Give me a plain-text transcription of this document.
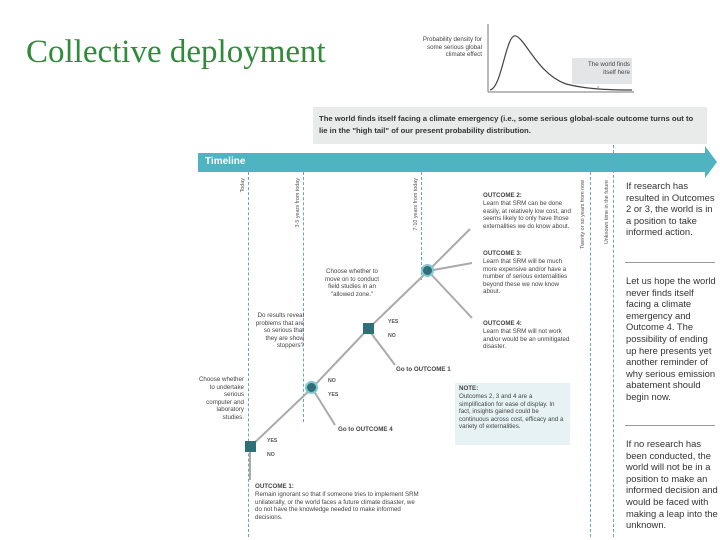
Collective deployment	Probability density for some serious global climate effect
The world finds itself here
The world finds itself facing a climate emergency (i.e., some serious global-scale outcome turns out to lie in the "high tail" of our present probability distribution.
Timeline
Today	3-5 years from today	7-10 years from today	Twenty or so years from now	Unknown time in the future
Choose whether to undertake serious computer and laboratory studies.
Do results reveal problems that are so serious that they are show stoppers?
Choose whether to move on to conduct field studies in an "allowed zone."
YES
NO
NO
YES
YES
NO
Go to OUTCOME 1
Go to OUTCOME 4
OUTCOME 2:
Learn that SRM can be done easily, at relatively low cost, and seems likely to only have those externalities we do know about.
OUTCOME 3:
Learn that SRM will be much more expensive and/or have a number of serious externalities beyond these we now know about.
OUTCOME 4:
Learn that SRM will not work and/or would be an unmitigated disaster.
NOTE:
Outcomes 2, 3 and 4 are a simplification for ease of display. In fact, insights gained could be continuous across cost, efficacy and a variety of externalities.
OUTCOME 1:
Remain ignorant so that if someone tries to implement SRM unilaterally, or the world faces a future climate disaster, we do not have the knowledge needed to make informed decisions.
If research has resulted in Outcomes 2 or 3, the world is in a position to take informed action.
Let us hope the world never finds itself facing a climate emergency and Outcome 4. The possibility of ending up here presents yet another reminder of why serious emission abatement should begin now.
If no research has been conducted, the world will not be in a position to make an informed decision and would be faced with making a leap into the unknown.
